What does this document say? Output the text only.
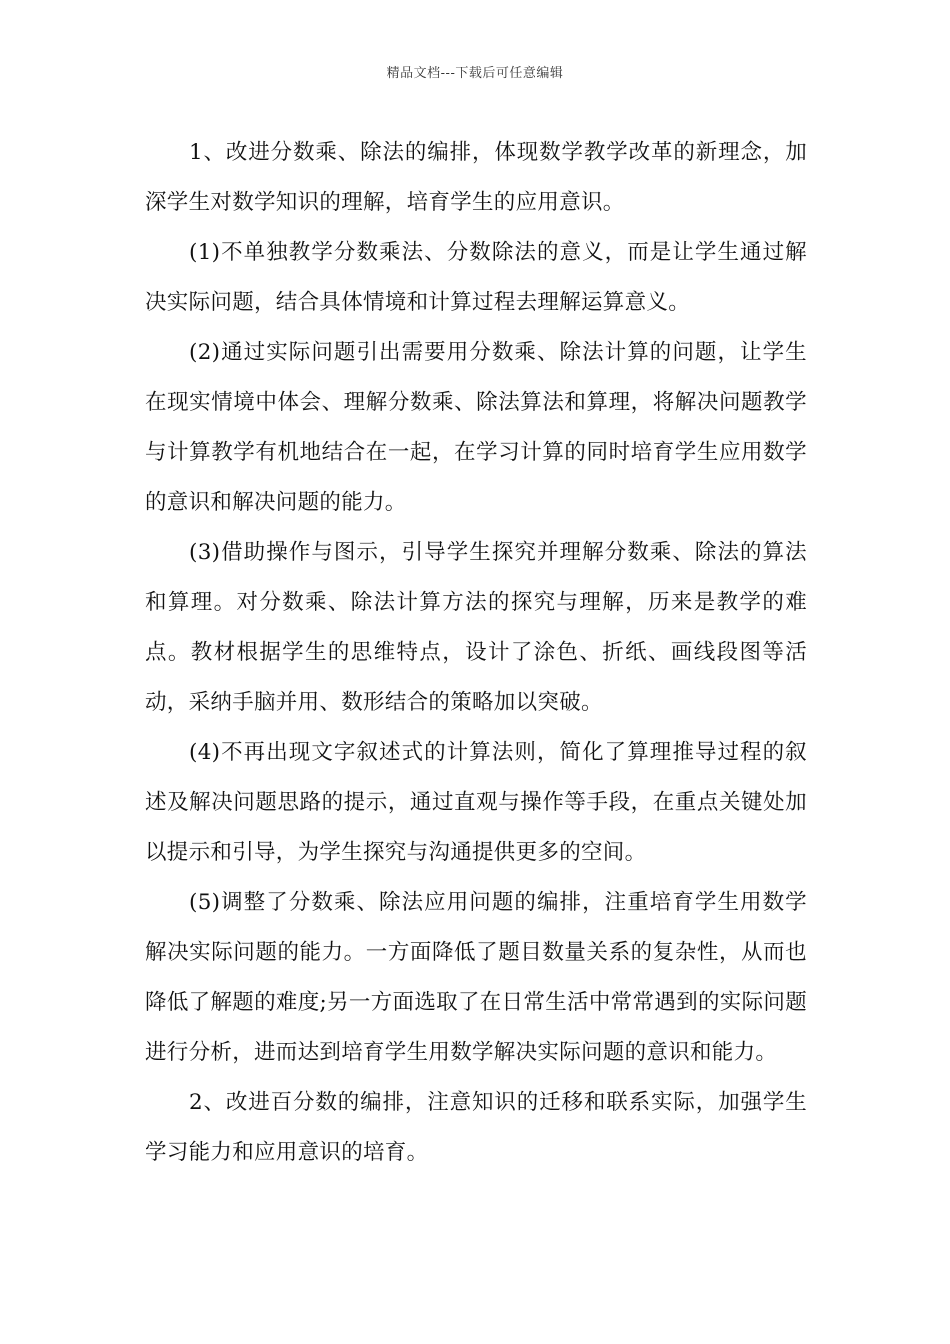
精品文档---下载后可任意编辑

1、改进分数乘、除法的编排，体现数学教学改革的新理念，加深学生对数学知识的理解，培育学生的应用意识。

(1)不单独教学分数乘法、分数除法的意义，而是让学生通过解决实际问题，结合具体情境和计算过程去理解运算意义。

(2)通过实际问题引出需要用分数乘、除法计算的问题，让学生在现实情境中体会、理解分数乘、除法算法和算理，将解决问题教学与计算教学有机地结合在一起，在学习计算的同时培育学生应用数学的意识和解决问题的能力。

(3)借助操作与图示，引导学生探究并理解分数乘、除法的算法和算理。对分数乘、除法计算方法的探究与理解，历来是教学的难点。教材根据学生的思维特点，设计了涂色、折纸、画线段图等活动，采纳手脑并用、数形结合的策略加以突破。

(4)不再出现文字叙述式的计算法则，简化了算理推导过程的叙述及解决问题思路的提示，通过直观与操作等手段，在重点关键处加以提示和引导，为学生探究与沟通提供更多的空间。

(5)调整了分数乘、除法应用问题的编排，注重培育学生用数学解决实际问题的能力。一方面降低了题目数量关系的复杂性，从而也降低了解题的难度;另一方面选取了在日常生活中常常遇到的实际问题进行分析，进而达到培育学生用数学解决实际问题的意识和能力。

2、改进百分数的编排，注意知识的迁移和联系实际，加强学生学习能力和应用意识的培育。
